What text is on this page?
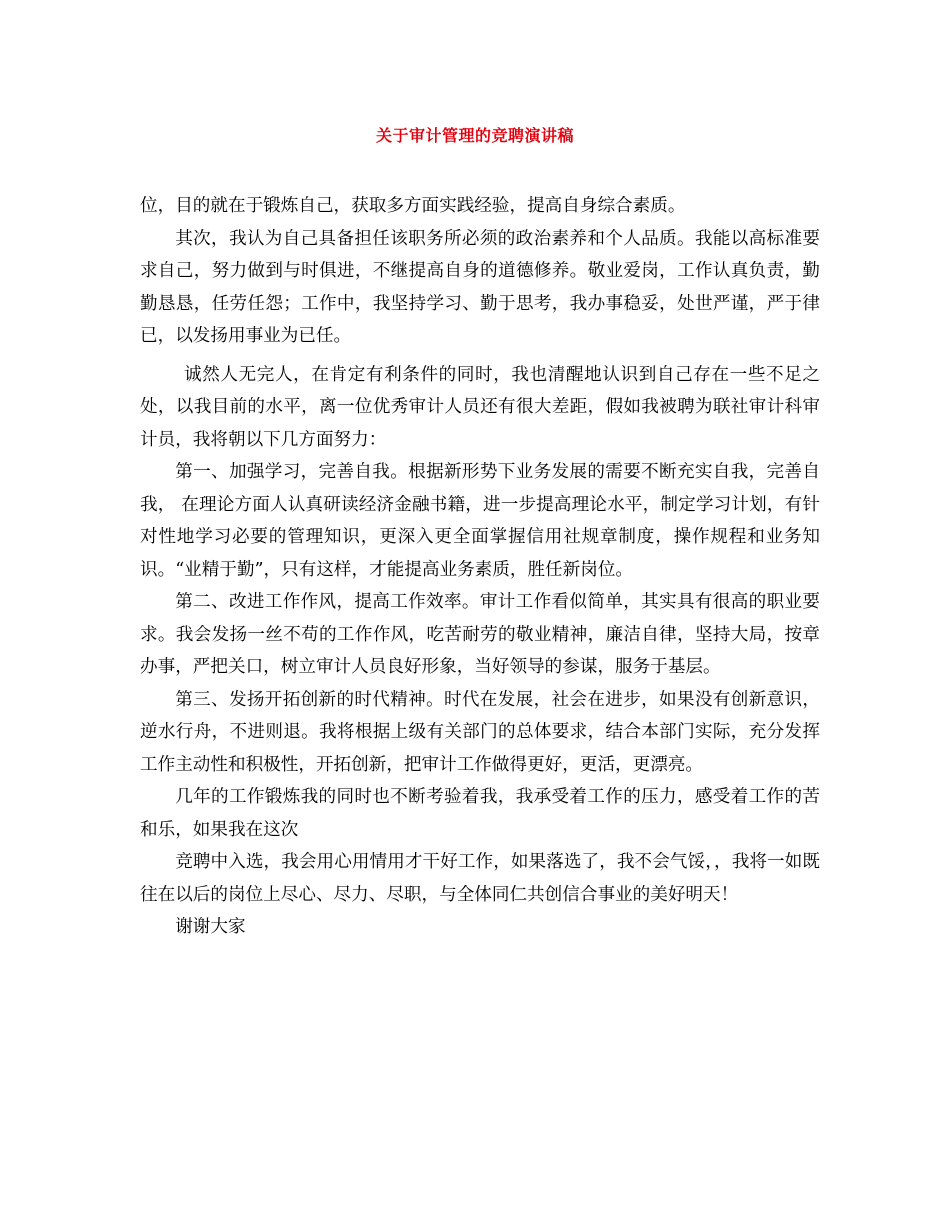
关于审计管理的竞聘演讲稿

位，目的就在于锻炼自己，获取多方面实践经验，提高自身综合素质。

其次，我认为自己具备担任该职务所必须的政治素养和个人品质。我能以高标准要求自己，努力做到与时俱进，不继提高自身的道德修养。敬业爱岗，工作认真负责，勤勤恳恳，任劳任怨；工作中，我坚持学习、勤于思考，我办事稳妥，处世严谨，严于律已，以发扬用事业为已任。

诚然人无完人，在肯定有利条件的同时，我也清醒地认识到自己存在一些不足之处，以我目前的水平，离一位优秀审计人员还有很大差距，假如我被聘为联社审计科审计员，我将朝以下几方面努力：

第一、加强学习，完善自我。根据新形势下业务发展的需要不断充实自我，完善自我， 在理论方面人认真研读经济金融书籍，进一步提高理论水平，制定学习计划，有针对性地学习必要的管理知识，更深入更全面掌握信用社规章制度，操作规程和业务知识。“业精于勤”，只有这样，才能提高业务素质，胜任新岗位。

第二、改进工作作风，提高工作效率。审计工作看似简单，其实具有很高的职业要求。我会发扬一丝不苟的工作作风，吃苦耐劳的敬业精神，廉洁自律，坚持大局，按章办事，严把关口，树立审计人员良好形象，当好领导的参谋，服务于基层。

第三、发扬开拓创新的时代精神。时代在发展，社会在进步，如果没有创新意识，逆水行舟，不进则退。我将根据上级有关部门的总体要求，结合本部门实际，充分发挥工作主动性和积极性，开拓创新，把审计工作做得更好，更活，更漂亮。

几年的工作锻炼我的同时也不断考验着我，我承受着工作的压力，感受着工作的苦和乐，如果我在这次

竞聘中入选，我会用心用情用才干好工作，如果落选了，我不会气馁，，我将一如既往在以后的岗位上尽心、尽力、尽职，与全体同仁共创信合事业的美好明天！

谢谢大家
